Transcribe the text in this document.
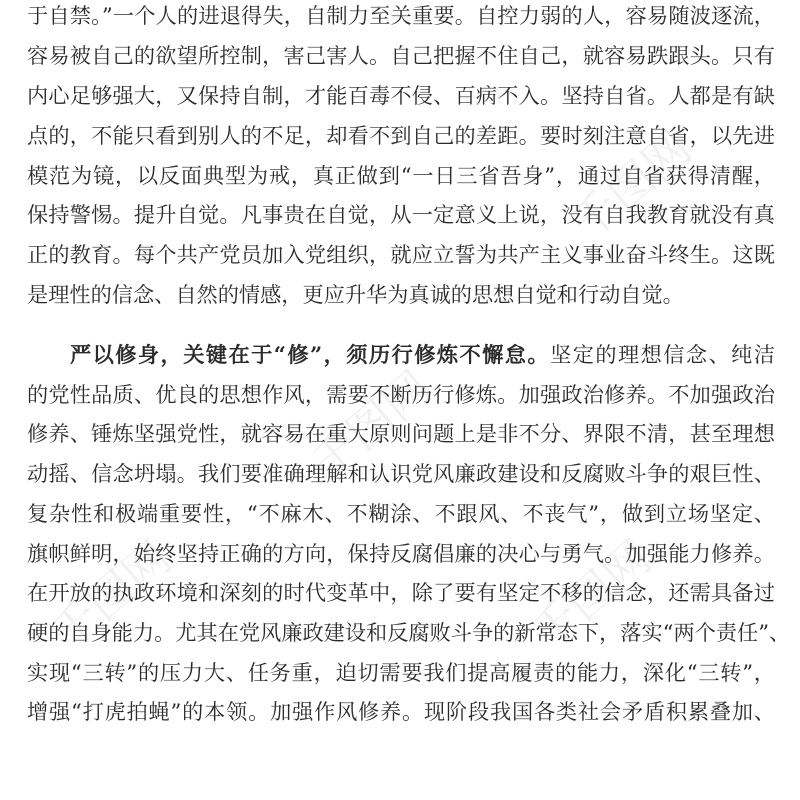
千图网
千图网
千图网
千图网
于自禁。”一个人的进退得失，自制力至关重要。自控力弱的人，容易随波逐流，
容易被自己的欲望所控制，害己害人。自己把握不住自己，就容易跌跟头。只有
内心足够强大，又保持自制，才能百毒不侵、百病不入。坚持自省。人都是有缺
点的，不能只看到别人的不足，却看不到自己的差距。要时刻注意自省，以先进
模范为镜，以反面典型为戒，真正做到“一日三省吾身”，通过自省获得清醒，
保持警惕。提升自觉。凡事贵在自觉，从一定意义上说，没有自我教育就没有真
正的教育。每个共产党员加入党组织，就应立誓为共产主义事业奋斗终生。这既
是理性的信念、自然的情感，更应升华为真诚的思想自觉和行动自觉。
严以修身，关键在于“修”，须历行修炼不懈怠。坚定的理想信念、纯洁
的党性品质、优良的思想作风，需要不断历行修炼。加强政治修养。不加强政治
修养、锤炼坚强党性，就容易在重大原则问题上是非不分、界限不清，甚至理想
动摇、信念坍塌。我们要准确理解和认识党风廉政建设和反腐败斗争的艰巨性、
复杂性和极端重要性，“不麻木、不糊涂、不跟风、不丧气”，做到立场坚定、
旗帜鲜明，始终坚持正确的方向，保持反腐倡廉的决心与勇气。加强能力修养。
在开放的执政环境和深刻的时代变革中，除了要有坚定不移的信念，还需具备过
硬的自身能力。尤其在党风廉政建设和反腐败斗争的新常态下，落实“两个责任”、
实现“三转”的压力大、任务重，迫切需要我们提高履责的能力，深化“三转”，
增强“打虎拍蝇”的本领。加强作风修养。现阶段我国各类社会矛盾积累叠加、
